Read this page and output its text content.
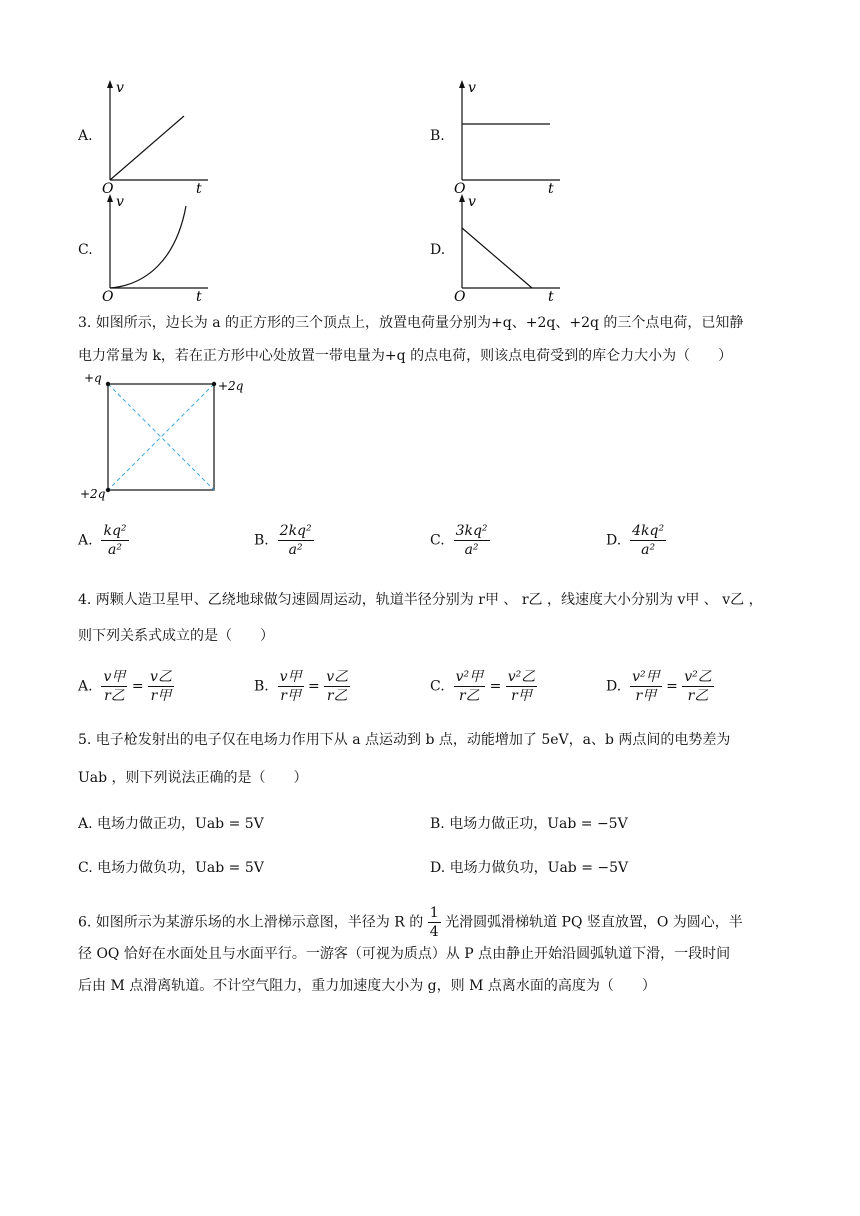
A.
v
O	t
B.
v
O	t
C.
v
O	t
D.
v
O	t
3. 如图所示，边长为 a 的正方形的三个顶点上，放置电荷量分别为+q、+2q、+2q 的三个点电荷，已知静
电力常量为 k，若在正方形中心处放置一带电量为+q 的点电荷，则该点电荷受到的库仑力大小为（　　）
+q
+2q
+2q
A. $\frac{\text{kq²}}{\text{a²}}$	B. $\frac{\text{2kq²}}{\text{a²}}$	C. $\frac{\text{3kq²}}{\text{a²}}$	D. $\frac{\text{4kq²}}{\text{a²}}$
4. 两颗人造卫星甲、乙绕地球做匀速圆周运动，轨道半径分别为 r甲 、 r乙 ，线速度大小分别为 v甲 、 v乙 ，
则下列关系式成立的是（　　）
A. $\frac{\text{v甲}}{\text{r乙}} = \frac{\text{v乙}}{\text{r甲}}$	B. $\frac{\text{v甲}}{\text{r甲}} = \frac{\text{v乙}}{\text{r乙}}$	C. $\frac{\text{v²甲}}{\text{r乙}} = \frac{\text{v²乙}}{\text{r甲}}$	D. $\frac{\text{v²甲}}{\text{r甲}} = \frac{\text{v²乙}}{\text{r乙}}$
5. 电子枪发射出的电子仅在电场力作用下从 a 点运动到 b 点，动能增加了 5eV，a、b 两点间的电势差为
Uab ，则下列说法正确的是（　　）
A. 电场力做正功，Uab = 5V	B. 电场力做正功，Uab = −5V
C. 电场力做负功，Uab = 5V	D. 电场力做负功，Uab = −5V
6. 如图所示为某游乐场的水上滑梯示意图，半径为 R 的 $\frac{1}{4}$ 光滑圆弧滑梯轨道 PQ 竖直放置，O 为圆心，半
径 OQ 恰好在水面处且与水面平行。一游客（可视为质点）从 P 点由静止开始沿圆弧轨道下滑，一段时间
后由 M 点滑离轨道。不计空气阻力，重力加速度大小为 g，则 M 点离水面的高度为（　　）
